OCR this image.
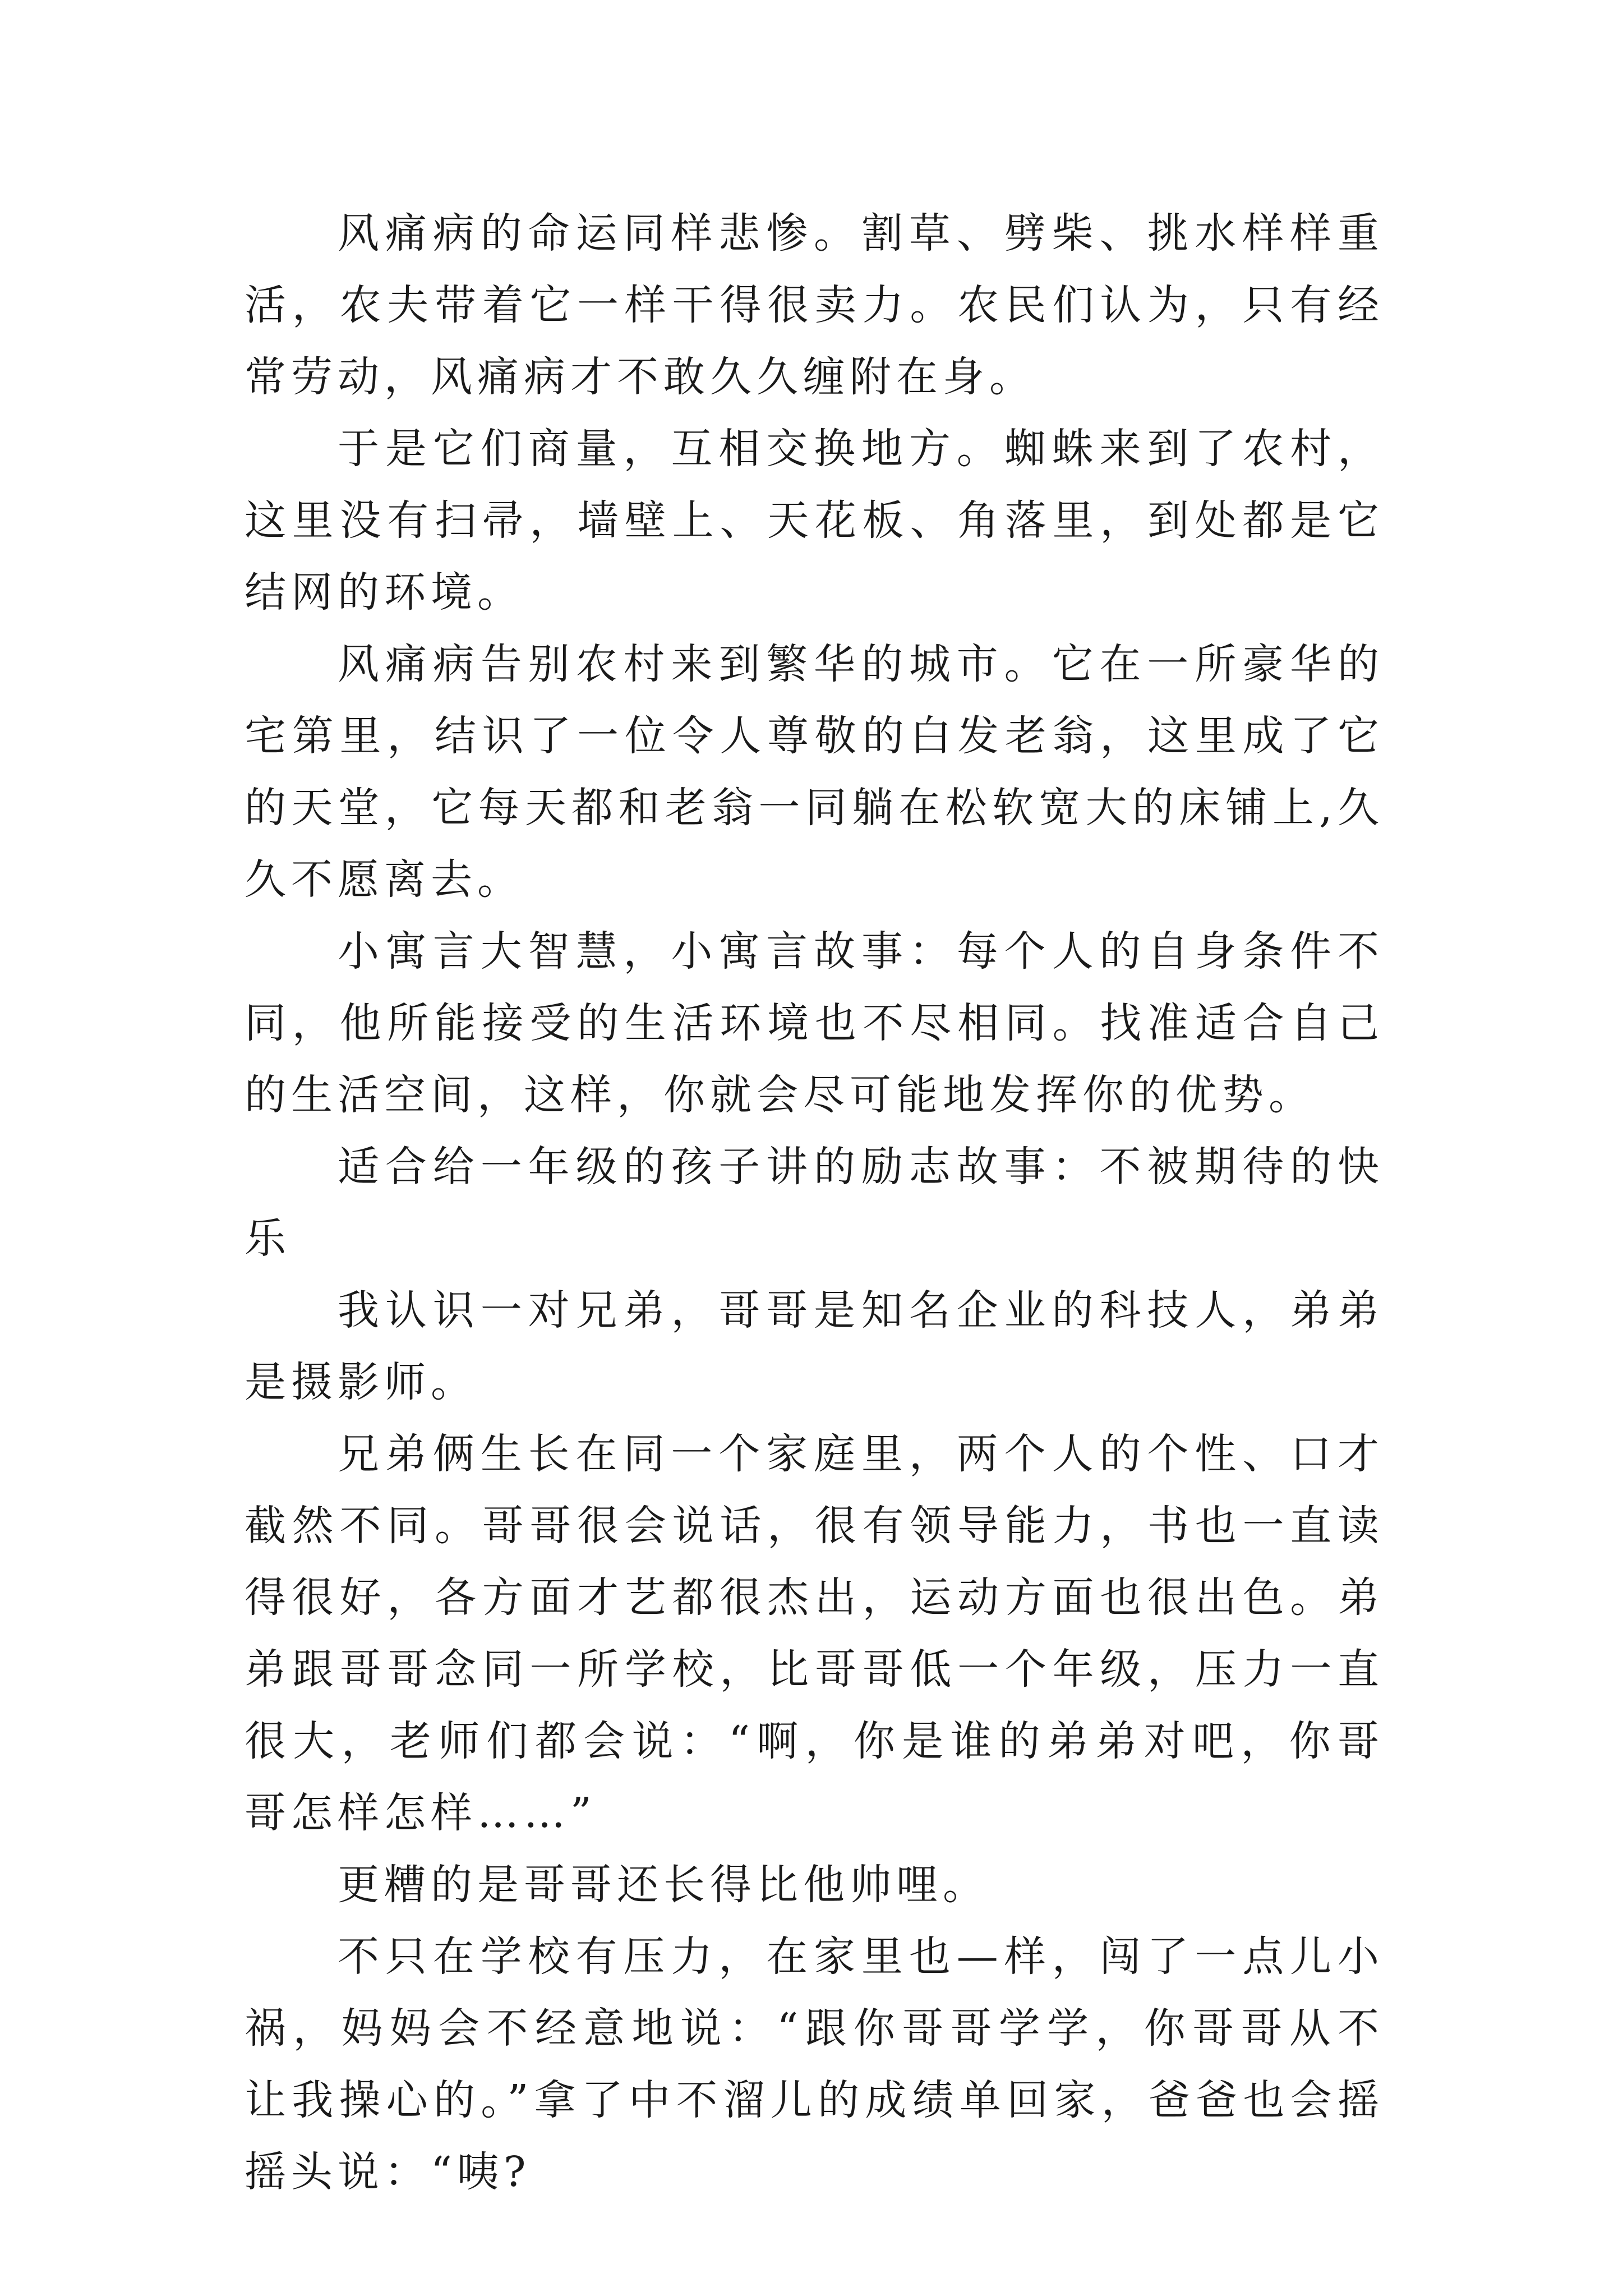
风痛病的命运同样悲惨。割草、劈柴、挑水样样重活，农夫带着它一样干得很卖力。农民们认为，只有经常劳动，风痛病才不敢久久缠附在身。

于是它们商量，互相交换地方。蜘蛛来到了农村，这里没有扫帚，墙壁上、天花板、角落里，到处都是它结网的环境。

风痛病告别农村来到繁华的城市。它在一所豪华的宅第里，结识了一位令人尊敬的白发老翁，这里成了它的天堂，它每天都和老翁一同躺在松软宽大的床铺上,久久不愿离去。

小寓言大智慧，小寓言故事：每个人的自身条件不同，他所能接受的生活环境也不尽相同。找准适合自己的生活空间，这样，你就会尽可能地发挥你的优势。

适合给一年级的孩子讲的励志故事：不被期待的快乐

我认识一对兄弟，哥哥是知名企业的科技人，弟弟是摄影师。

兄弟俩生长在同一个家庭里，两个人的个性、口才截然不同。哥哥很会说话，很有领导能力，书也一直读得很好，各方面才艺都很杰出，运动方面也很出色。弟弟跟哥哥念同一所学校，比哥哥低一个年级，压力一直很大，老师们都会说：“啊，你是谁的弟弟对吧，你哥哥怎样怎样……”

更糟的是哥哥还长得比他帅哩。

不只在学校有压力，在家里也—样，闯了一点儿小祸，妈妈会不经意地说：“跟你哥哥学学，你哥哥从不让我操心的。”拿了中不溜儿的成绩单回家，爸爸也会摇摇头说：“咦?
